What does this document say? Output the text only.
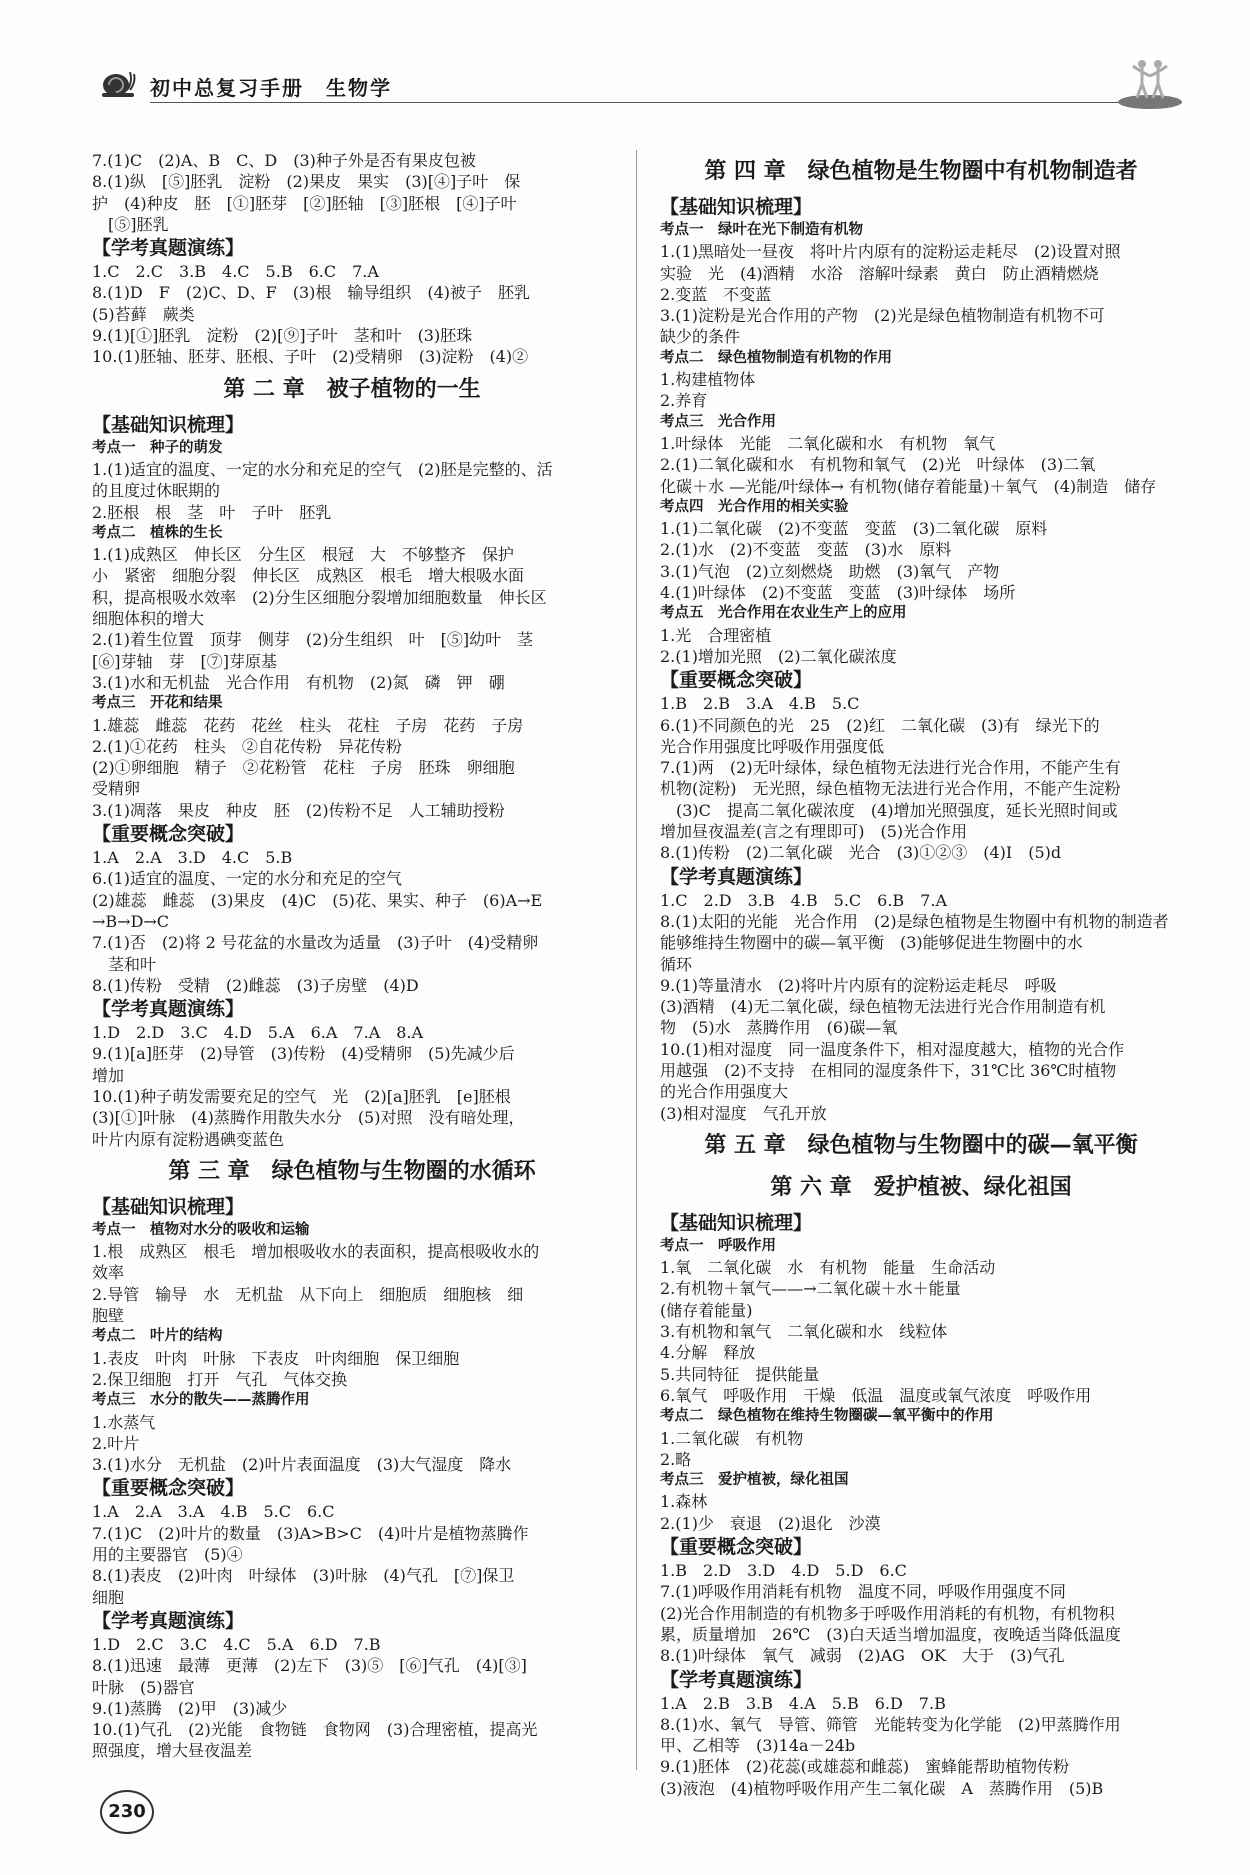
初中总复习手册　生物学
7.(1)C　(2)A、B　C、D　(3)种子外是否有果皮包被
8.(1)纵　[⑤]胚乳　淀粉　(2)果皮　果实　(3)[④]子叶　保
护　(4)种皮　胚　[①]胚芽　[②]胚轴　[③]胚根　[④]子叶
　[⑤]胚乳
【学考真题演练】
1.C　2.C　3.B　4.C　5.B　6.C　7.A
8.(1)D　F　(2)C、D、F　(3)根　输导组织　(4)被子　胚乳
(5)苔藓　蕨类
9.(1)[①]胚乳　淀粉　(2)[⑨]子叶　茎和叶　(3)胚珠
10.(1)胚轴、胚芽、胚根、子叶　(2)受精卵　(3)淀粉　(4)②
第 二 章　被子植物的一生
【基础知识梳理】
考点一　种子的萌发
1.(1)适宜的温度、一定的水分和充足的空气　(2)胚是完整的、活
的且度过休眠期的
2.胚根　根　茎　叶　子叶　胚乳
考点二　植株的生长
1.(1)成熟区　伸长区　分生区　根冠　大　不够整齐　保护
小　紧密　细胞分裂　伸长区　成熟区　根毛　增大根吸水面
积，提高根吸水效率　(2)分生区细胞分裂增加细胞数量　伸长区
细胞体积的增大
2.(1)着生位置　顶芽　侧芽　(2)分生组织　叶　[⑤]幼叶　茎
[⑥]芽轴　芽　[⑦]芽原基
3.(1)水和无机盐　光合作用　有机物　(2)氮　磷　钾　硼
考点三　开花和结果
1.雄蕊　雌蕊　花药　花丝　柱头　花柱　子房　花药　子房
2.(1)①花药　柱头　②自花传粉　异花传粉
(2)①卵细胞　精子　②花粉管　花柱　子房　胚珠　卵细胞
受精卵
3.(1)凋落　果皮　种皮　胚　(2)传粉不足　人工辅助授粉
【重要概念突破】
1.A　2.A　3.D　4.C　5.B
6.(1)适宜的温度、一定的水分和充足的空气
(2)雄蕊　雌蕊　(3)果皮　(4)C　(5)花、果实、种子　(6)A→E
→B→D→C
7.(1)否　(2)将 2 号花盆的水量改为适量　(3)子叶　(4)受精卵
　茎和叶
8.(1)传粉　受精　(2)雌蕊　(3)子房壁　(4)D
【学考真题演练】
1.D　2.D　3.C　4.D　5.A　6.A　7.A　8.A
9.(1)[a]胚芽　(2)导管　(3)传粉　(4)受精卵　(5)先减少后
增加
10.(1)种子萌发需要充足的空气　光　(2)[a]胚乳　[e]胚根
(3)[①]叶脉　(4)蒸腾作用散失水分　(5)对照　没有暗处理，
叶片内原有淀粉遇碘变蓝色
第 三 章　绿色植物与生物圈的水循环
【基础知识梳理】
考点一　植物对水分的吸收和运输
1.根　成熟区　根毛　增加根吸收水的表面积，提高根吸收水的
效率
2.导管　输导　水　无机盐　从下向上　细胞质　细胞核　细
胞壁
考点二　叶片的结构
1.表皮　叶肉　叶脉　下表皮　叶肉细胞　保卫细胞
2.保卫细胞　打开　气孔　气体交换
考点三　水分的散失——蒸腾作用
1.水蒸气
2.叶片
3.(1)水分　无机盐　(2)叶片表面温度　(3)大气湿度　降水
【重要概念突破】
1.A　2.A　3.A　4.B　5.C　6.C
7.(1)C　(2)叶片的数量　(3)A>B>C　(4)叶片是植物蒸腾作
用的主要器官　(5)④
8.(1)表皮　(2)叶肉　叶绿体　(3)叶脉　(4)气孔　[⑦]保卫
细胞
【学考真题演练】
1.D　2.C　3.C　4.C　5.A　6.D　7.B
8.(1)迅速　最薄　更薄　(2)左下　(3)⑤　[⑥]气孔　(4)[③]
叶脉　(5)器官
9.(1)蒸腾　(2)甲　(3)减少
10.(1)气孔　(2)光能　食物链　食物网　(3)合理密植，提高光
照强度，增大昼夜温差
第 四 章　绿色植物是生物圈中有机物制造者
【基础知识梳理】
考点一　绿叶在光下制造有机物
1.(1)黑暗处一昼夜　将叶片内原有的淀粉运走耗尽　(2)设置对照
实验　光　(4)酒精　水浴　溶解叶绿素　黄白　防止酒精燃烧
2.变蓝　不变蓝
3.(1)淀粉是光合作用的产物　(2)光是绿色植物制造有机物不可
缺少的条件
考点二　绿色植物制造有机物的作用
1.构建植物体
2.养育
考点三　光合作用
1.叶绿体　光能　二氧化碳和水　有机物　氧气
2.(1)二氧化碳和水　有机物和氧气　(2)光　叶绿体　(3)二氧
化碳＋水 —光能/叶绿体→ 有机物(储存着能量)＋氧气　(4)制造　储存
考点四　光合作用的相关实验
1.(1)二氧化碳　(2)不变蓝　变蓝　(3)二氧化碳　原料
2.(1)水　(2)不变蓝　变蓝　(3)水　原料
3.(1)气泡　(2)立刻燃烧　助燃　(3)氧气　产物
4.(1)叶绿体　(2)不变蓝　变蓝　(3)叶绿体　场所
考点五　光合作用在农业生产上的应用
1.光　合理密植
2.(1)增加光照　(2)二氧化碳浓度
【重要概念突破】
1.B　2.B　3.A　4.B　5.C
6.(1)不同颜色的光　25　(2)红　二氧化碳　(3)有　绿光下的
光合作用强度比呼吸作用强度低
7.(1)两　(2)无叶绿体，绿色植物无法进行光合作用，不能产生有
机物(淀粉)　无光照，绿色植物无法进行光合作用，不能产生淀粉
　(3)C　提高二氧化碳浓度　(4)增加光照强度，延长光照时间或
增加昼夜温差(言之有理即可)　(5)光合作用
8.(1)传粉　(2)二氧化碳　光合　(3)①②③　(4)Ⅰ　(5)d
【学考真题演练】
1.C　2.D　3.B　4.B　5.C　6.B　7.A
8.(1)太阳的光能　光合作用　(2)是绿色植物是生物圈中有机物的制造者
能够维持生物圈中的碳—氧平衡　(3)能够促进生物圈中的水
循环
9.(1)等量清水　(2)将叶片内原有的淀粉运走耗尽　呼吸
(3)酒精　(4)无二氧化碳，绿色植物无法进行光合作用制造有机
物　(5)水　蒸腾作用　(6)碳—氧
10.(1)相对湿度　同一温度条件下，相对湿度越大，植物的光合作
用越强　(2)不支持　在相同的湿度条件下，31℃比 36℃时植物
的光合作用强度大
(3)相对湿度　气孔开放
第 五 章　绿色植物与生物圈中的碳—氧平衡
第 六 章　爱护植被、绿化祖国
【基础知识梳理】
考点一　呼吸作用
1.氧　二氧化碳　水　有机物　能量　生命活动
2.有机物＋氧气——→二氧化碳＋水＋能量
(储存着能量)
3.有机物和氧气　二氧化碳和水　线粒体
4.分解　释放
5.共同特征　提供能量
6.氧气　呼吸作用　干燥　低温　温度或氧气浓度　呼吸作用
考点二　绿色植物在维持生物圈碳—氧平衡中的作用
1.二氧化碳　有机物
2.略
考点三　爱护植被，绿化祖国
1.森林
2.(1)少　衰退　(2)退化　沙漠
【重要概念突破】
1.B　2.D　3.D　4.D　5.D　6.C
7.(1)呼吸作用消耗有机物　温度不同，呼吸作用强度不同
(2)光合作用制造的有机物多于呼吸作用消耗的有机物，有机物积
累，质量增加　26℃　(3)白天适当增加温度，夜晚适当降低温度
8.(1)叶绿体　氧气　减弱　(2)AG　OK　大于　(3)气孔
【学考真题演练】
1.A　2.B　3.B　4.A　5.B　6.D　7.B
8.(1)水、氧气　导管、筛管　光能转变为化学能　(2)甲蒸腾作用
甲、乙相等　(3)14a－24b
9.(1)胚体　(2)花蕊(或雄蕊和雌蕊)　蜜蜂能帮助植物传粉
(3)液泡　(4)植物呼吸作用产生二氧化碳　A　蒸腾作用　(5)B
230
